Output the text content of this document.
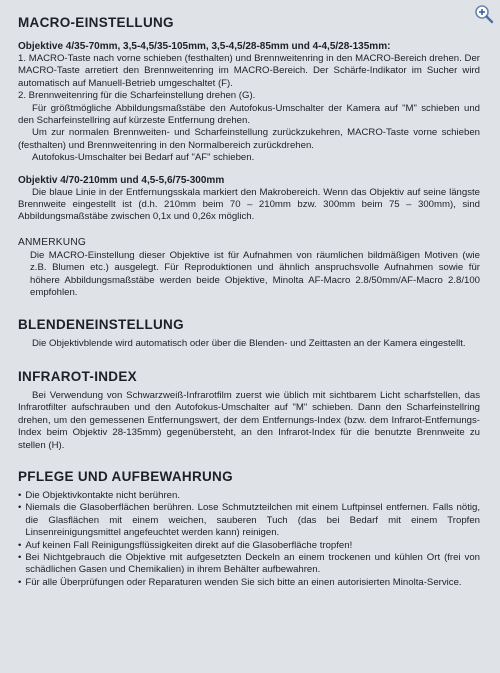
MACRO-EINSTELLUNG
Objektive 4/35-70mm, 3,5-4,5/35-105mm, 3,5-4,5/28-85mm und 4-4,5/28-135mm:

1. MACRO-Taste nach vorne schieben (festhalten) und Brennweitenring in den MACRO-Bereich drehen. Der MACRO-Taste arretiert den Brennweitenring im MACRO-Bereich. Der Schärfe-Indikator im Sucher wird automatisch auf Manuell-Betrieb umgeschaltet (F).

2. Brennweitenring für die Scharfeinstellung drehen (G).

Für größtmögliche Abbildungsmaßstäbe den Autofokus-Umschalter der Kamera auf "M" schieben und den Scharfeinstellring auf kürzeste Entfernung drehen.

Um zur normalen Brennweiten- und Scharfeinstellung zurückzukehren, MACRO-Taste vorne schieben (festhalten) und Brennweitenring in den Normalbereich zurückdrehen.

Autofokus-Umschalter bei Bedarf auf "AF" schieben.

Objektiv 4/70-210mm und 4,5-5,6/75-300mm

Die blaue Linie in der Entfernungsskala markiert den Makrobereich. Wenn das Objektiv auf seine längste Brennweite eingestellt ist (d.h. 210mm beim 70 – 210mm bzw. 300mm beim 75 – 300mm), sind Abbildungsmaßstäbe zwischen 0,1x und 0,26x möglich.

ANMERKUNG

Die MACRO-Einstellung dieser Objektive ist für Aufnahmen von räumlichen bildmäßigen Motiven (wie z.B. Blumen etc.) ausgelegt. Für Reproduktionen und ähnlich anspruchsvolle Aufnahmen sowie für höhere Abbildungsmaßstäbe werden beide Objektive, Minolta AF-Macro 2.8/50mm/AF-Macro 2.8/100 empfohlen.

BLENDENEINSTELLUNG

Die Objektivblende wird automatisch oder über die Blenden- und Zeittasten an der Kamera eingestellt.

INFRAROT-INDEX

Bei Verwendung von Schwarzweiß-Infrarotfilm zuerst wie üblich mit sichtbarem Licht scharfstellen, das Infrarotfilter aufschrauben und den Autofokus-Umschalter auf "M" schieben. Dann den Scharfeinstellring drehen, um den gemessenen Entfernungswert, der dem Entfernungs-Index (bzw. dem Infrarot-Entfernungs-Index beim Objektiv 28-135mm) gegenübersteht, an den Infrarot-Index für die benutzte Brennweite zu stellen (H).

PFLEGE UND AUFBEWAHRUNG
• Die Objektivkontakte nicht berühren.

• Niemals die Glasoberflächen berühren. Lose Schmutzteilchen mit einem Luftpinsel entfernen. Falls nötig, die Glasflächen mit einem weichen, sauberen Tuch (das bei Bedarf mit einem Tropfen Linsenreinigungsmittel angefeuchtet werden kann) reinigen.

• Auf keinen Fall Reinigungsflüssigkeiten direkt auf die Glasoberfläche tropfen!

• Bei Nichtgebrauch die Objektive mit aufgesetzten Deckeln an einem trockenen und kühlen Ort (frei von schädlichen Gasen und Chemikalien) in ihrem Behälter aufbewahren.

• Für alle Überprüfungen oder Reparaturen wenden Sie sich bitte an einen autorisierten Minolta-Service.
